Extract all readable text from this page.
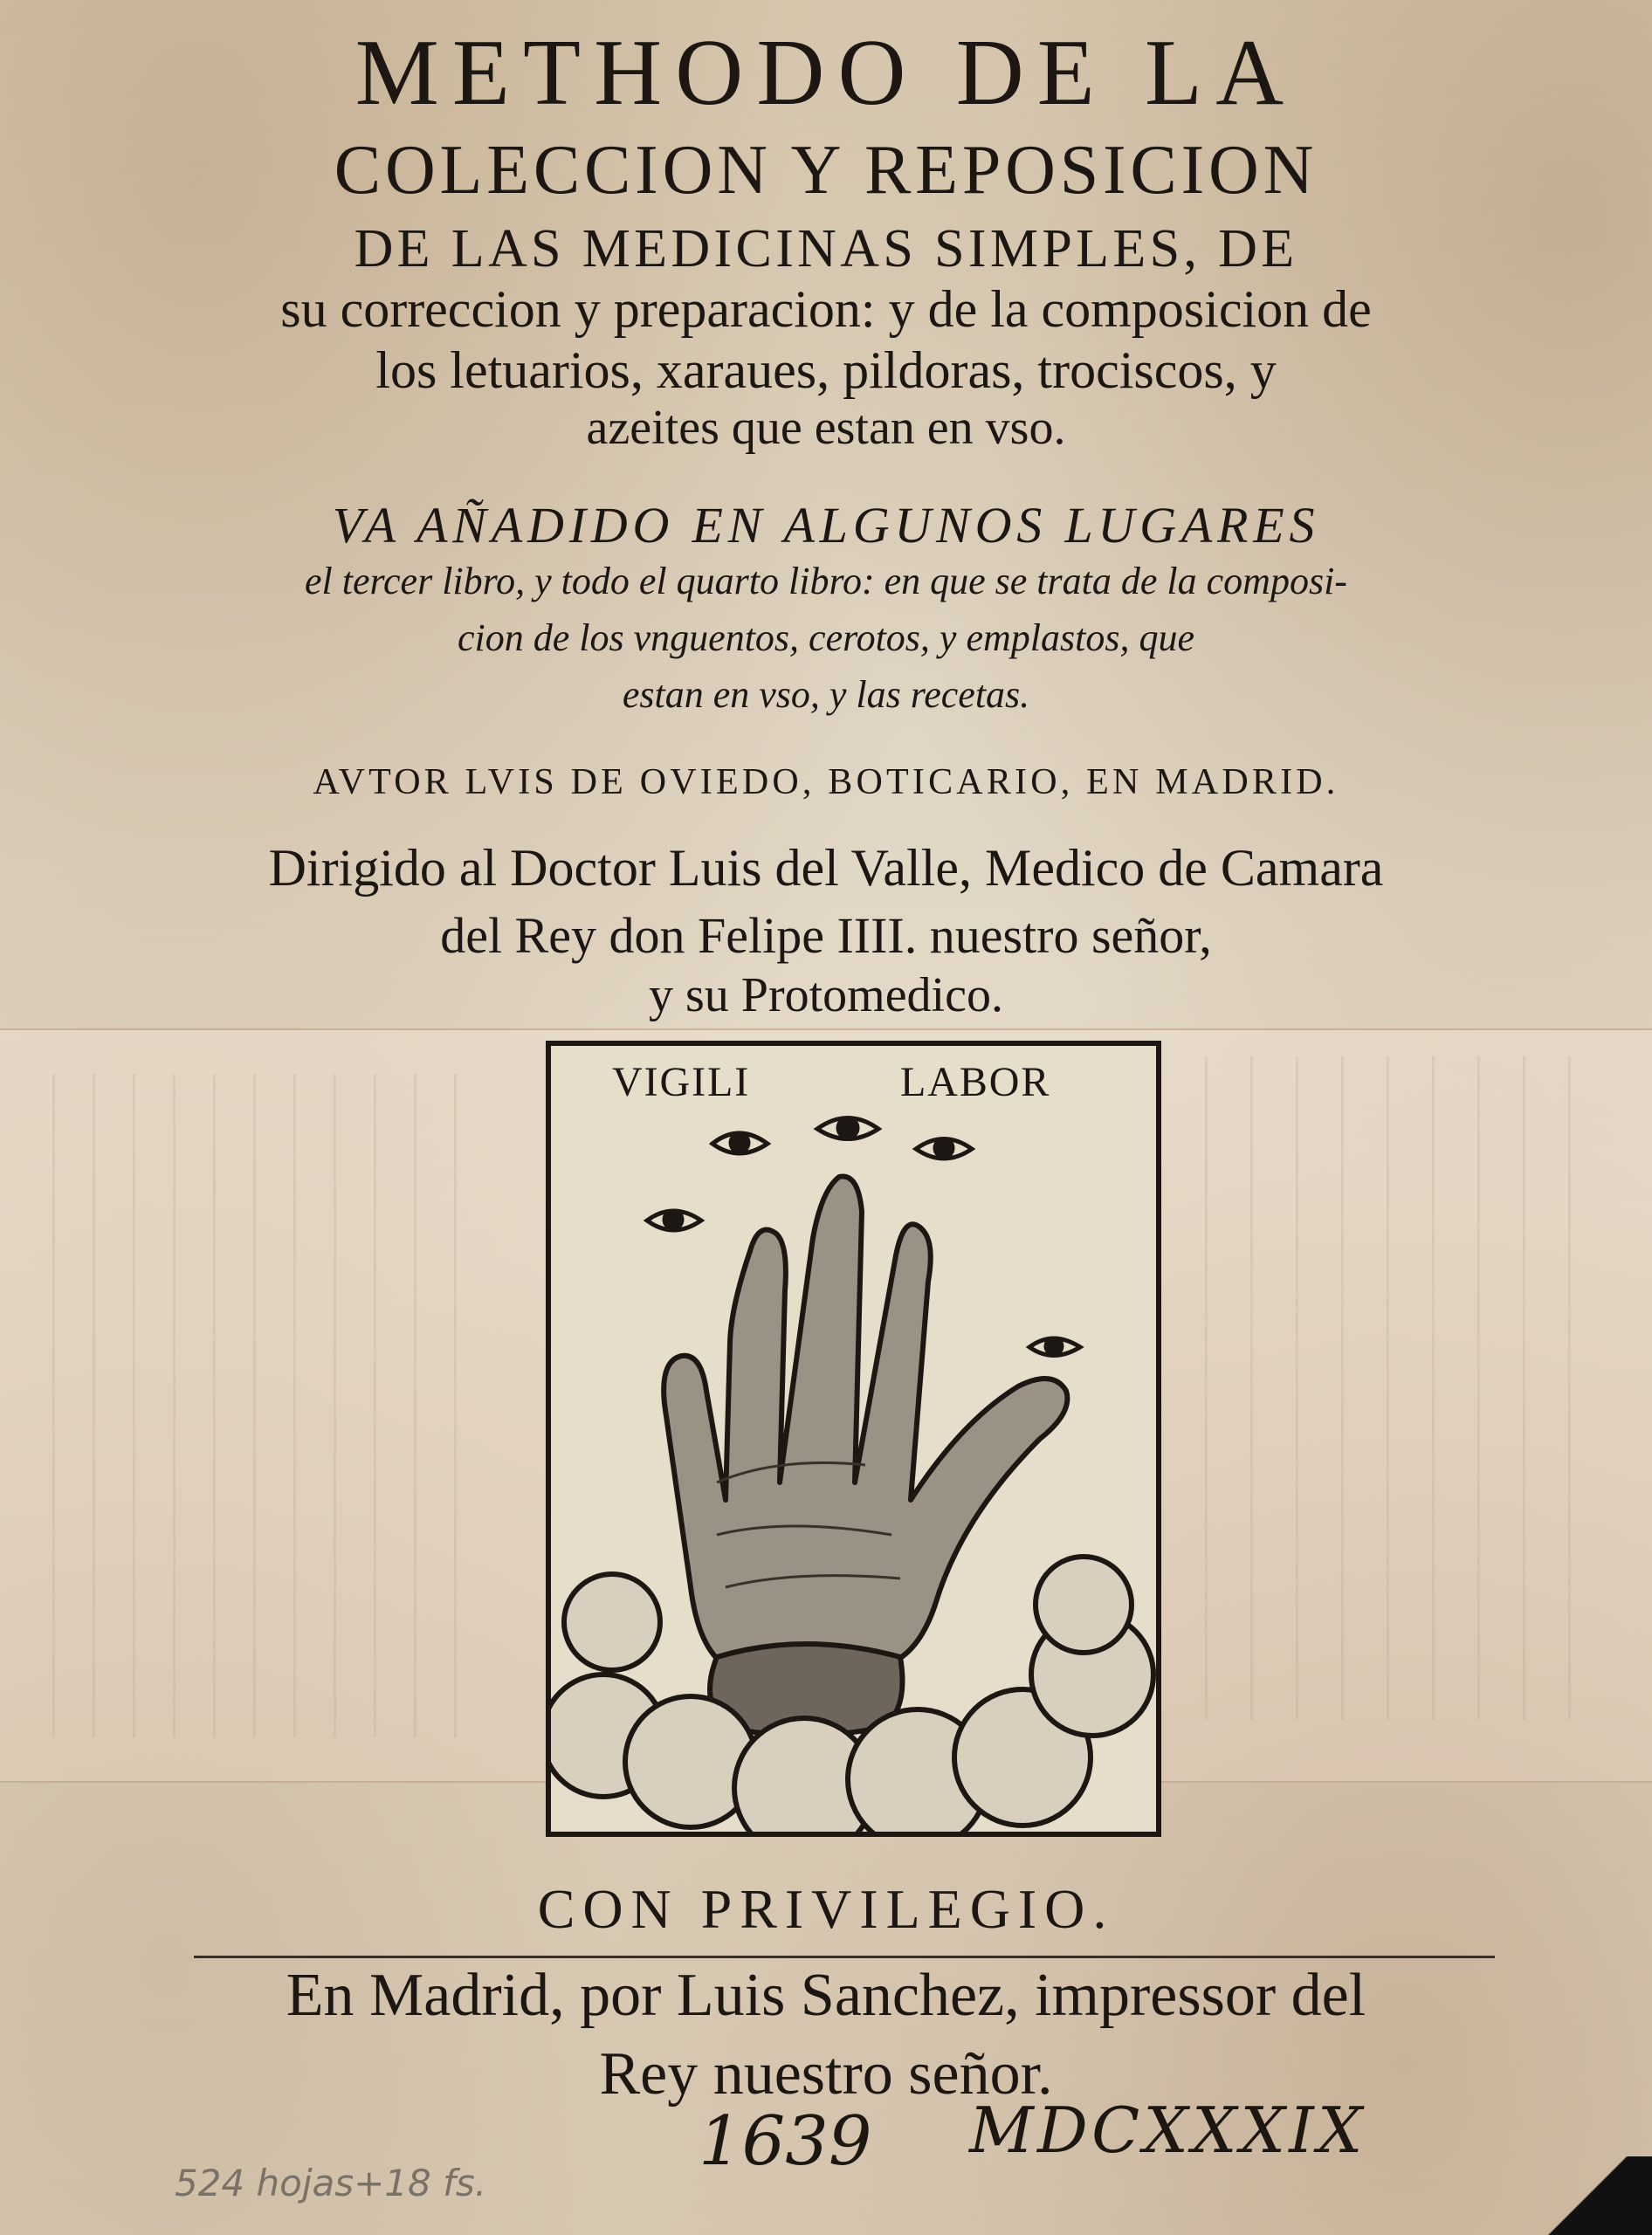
METHODO DE LA

COLECCION Y REPOSICION

DE LAS MEDICINAS SIMPLES, DE

su correccion y preparacion: y de la composicion de

los letuarios, xaraues, pildoras, trociscos, y

azeites que estan en vso.

VA AÑADIDO EN ALGUNOS LUGARES

el tercer libro, y todo el quarto libro: en que se trata de la composi-

cion de los vnguentos, cerotos, y emplastos, que

estan en vso, y las recetas.

AVTOR LVIS DE OVIEDO, BOTICARIO, EN MADRID.

Dirigido al Doctor Luis del Valle, Medico de Camara

del Rey don Felipe IIII. nuestro señor,

y su Protomedico.

VIGILI	LABOR

CON PRIVILEGIO.

En Madrid, por Luis Sanchez, impressor del

Rey nuestro señor.

1639 MDCXXXIX
524 hojas+18 fs.
